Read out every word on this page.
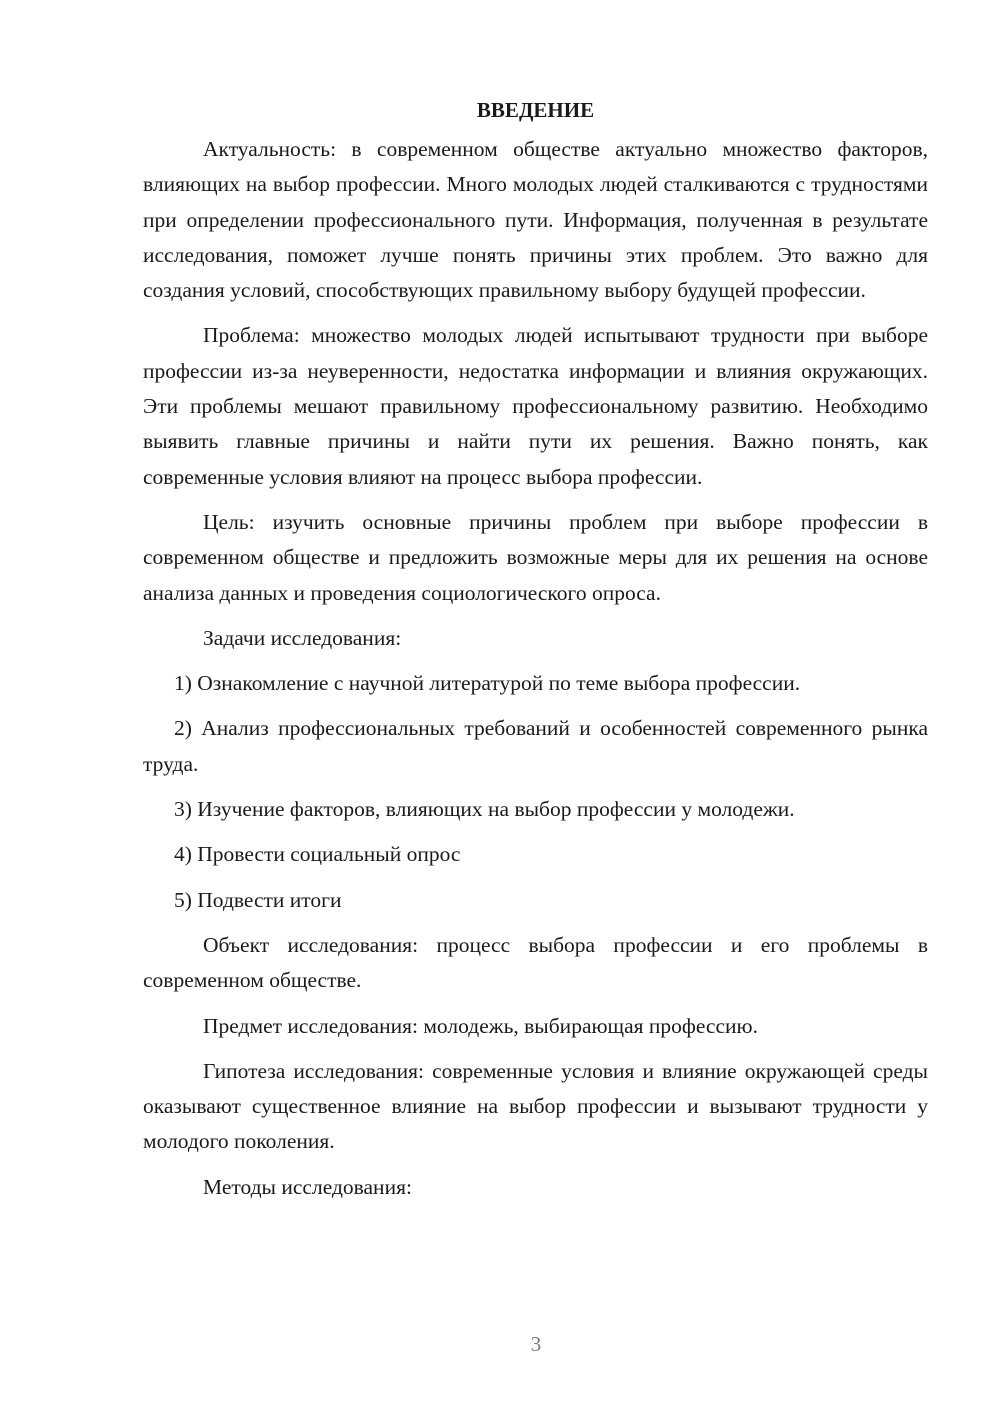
ВВЕДЕНИЕ

Актуальность: в современном обществе актуально множество факторов, влияющих на выбор профессии. Много молодых людей сталкиваются с трудностями при определении профессионального пути. Информация, полученная в результате исследования, поможет лучше понять причины этих проблем. Это важно для создания условий, способствующих правильному выбору будущей профессии.

Проблема: множество молодых людей испытывают трудности при выборе профессии из-за неуверенности, недостатка информации и влияния окружающих. Эти проблемы мешают правильному профессиональному развитию. Необходимо выявить главные причины и найти пути их решения. Важно понять, как современные условия влияют на процесс выбора профессии.

Цель: изучить основные причины проблем при выборе профессии в современном обществе и предложить возможные меры для их решения на основе анализа данных и проведения социологического опроса.

Задачи исследования:

1) Ознакомление с научной литературой по теме выбора профессии.

2) Анализ профессиональных требований и особенностей современного рынка труда.

3) Изучение факторов, влияющих на выбор профессии у молодежи.

4) Провести социальный опрос

5) Подвести итоги

Объект исследования: процесс выбора профессии и его проблемы в современном обществе.

Предмет исследования: молодежь, выбирающая профессию.

Гипотеза исследования: современные условия и влияние окружающей среды оказывают существенное влияние на выбор профессии и вызывают трудности у молодого поколения.

Методы исследования:

3
